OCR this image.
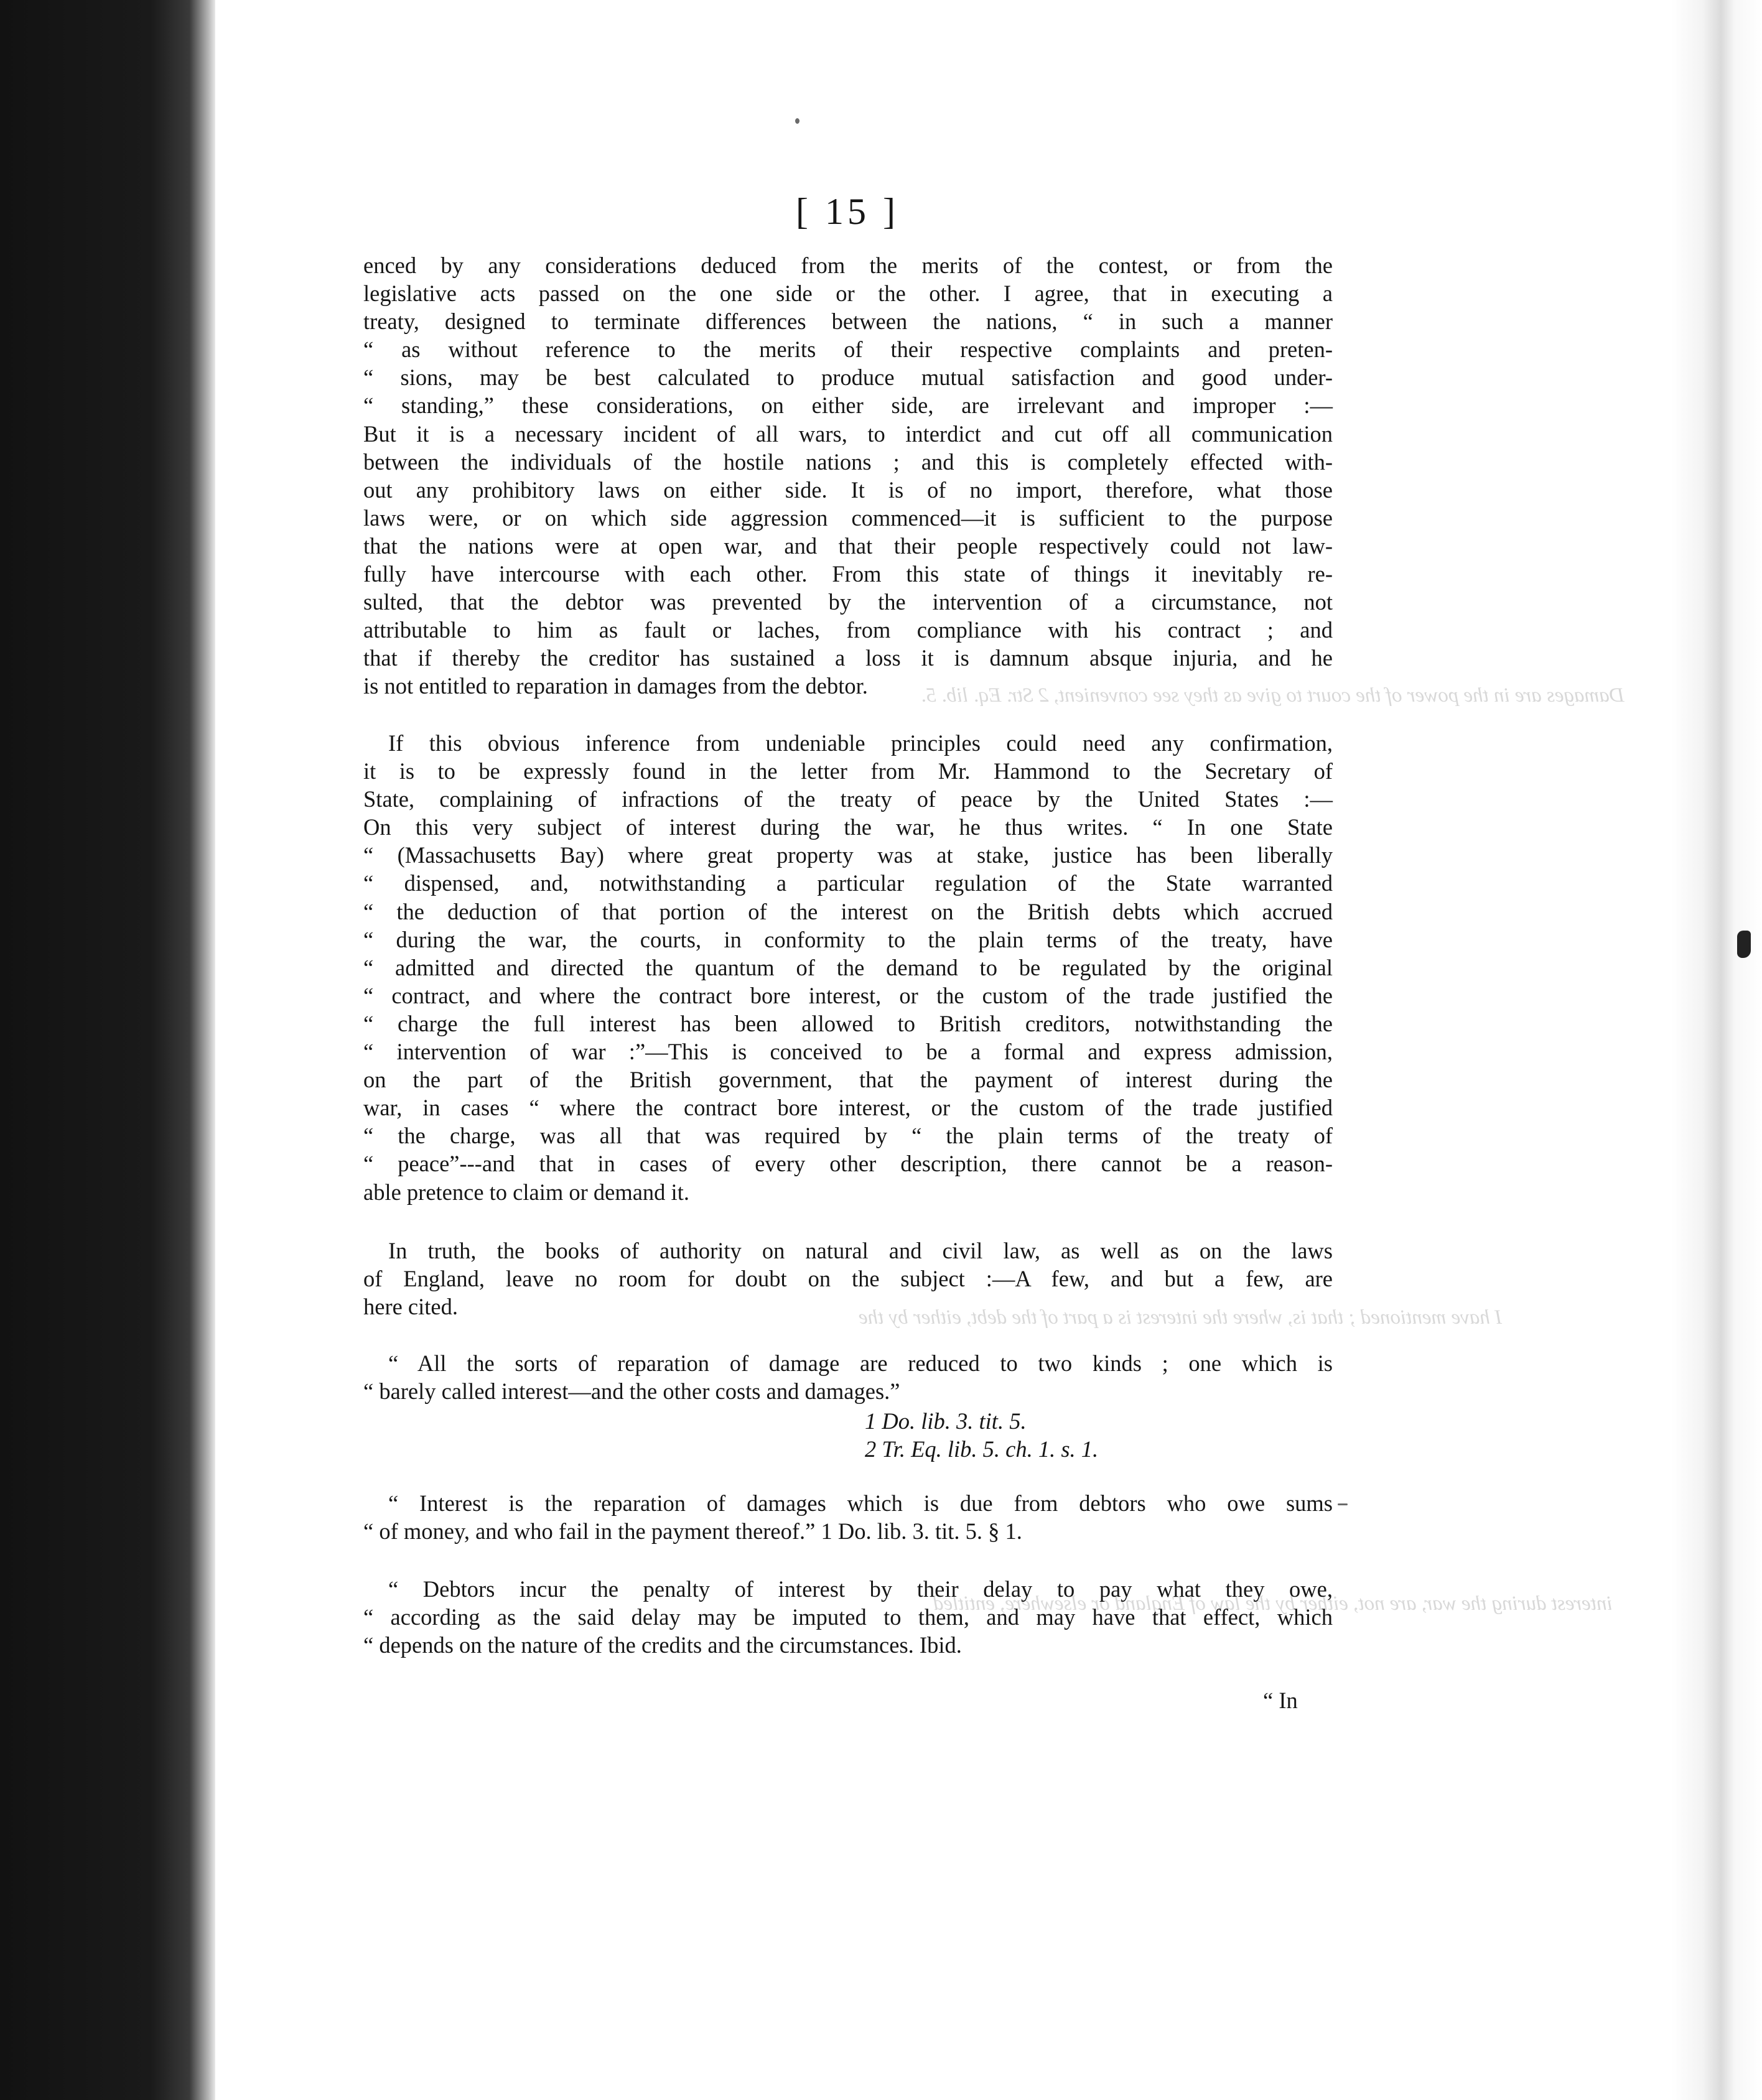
Damages are in the power of the court to give as they see convenient, 2 Str. Eq. lib. 5.
I have mentioned ; that is, where the interest is a part of the debt, either by the
interest during the war, are not, either by the law of England or elsewhere, entitled
[ 15 ]
enced by any considerations deduced from the merits of the contest, or from the
legislative acts passed on the one side or the other. I agree, that in executing a
treaty, designed to terminate differences between the nations, “ in such a manner
“ as without reference to the merits of their respective complaints and preten-
“ sions, may be best calculated to produce mutual satisfaction and good under-
“ standing,” these considerations, on either side, are irrelevant and improper :—
But it is a necessary incident of all wars, to interdict and cut off all communication
between the individuals of the hostile nations ; and this is completely effected with-
out any prohibitory laws on either side. It is of no import, therefore, what those
laws were, or on which side aggression commenced—it is sufficient to the purpose
that the nations were at open war, and that their people respectively could not law-
fully have intercourse with each other. From this state of things it inevitably re-
sulted, that the debtor was prevented by the intervention of a circumstance, not
attributable to him as fault or laches, from compliance with his contract ; and
that if thereby the creditor has sustained a loss it is damnum absque injuria, and he
is not entitled to reparation in damages from the debtor.
If this obvious inference from undeniable principles could need any confirmation,
it is to be expressly found in the letter from Mr. Hammond to the Secretary of
State, complaining of infractions of the treaty of peace by the United States :—
On this very subject of interest during the war, he thus writes. “ In one State
“ (Massachusetts Bay) where great property was at stake, justice has been liberally
“ dispensed, and, notwithstanding a particular regulation of the State warranted
“ the deduction of that portion of the interest on the British debts which accrued
“ during the war, the courts, in conformity to the plain terms of the treaty, have
“ admitted and directed the quantum of the demand to be regulated by the original
“ contract, and where the contract bore interest, or the custom of the trade justified the
“ charge the full interest has been allowed to British creditors, notwithstanding the
“ intervention of war :”—This is conceived to be a formal and express admission,
on the part of the British government, that the payment of interest during the
war, in cases “ where the contract bore interest, or the custom of the trade justified
“ the charge, was all that was required by “ the plain terms of the treaty of
“ peace”---and that in cases of every other description, there cannot be a reason-
able pretence to claim or demand it.
In truth, the books of authority on natural and civil law, as well as on the laws
of England, leave no room for doubt on the subject :—A few, and but a few, are
here cited.
“ All the sorts of reparation of damage are reduced to two kinds ; one which is
“ barely called interest—and the other costs and damages.”
1 Do. lib. 3. tit. 5.
2 Tr. Eq. lib. 5. ch. 1. s. 1.
“ Interest is the reparation of damages which is due from debtors who owe sums
“ of money, and who fail in the payment thereof.” 1 Do. lib. 3. tit. 5. § 1.
“ Debtors incur the penalty of interest by their delay to pay what they owe,
“ according as the said delay may be imputed to them, and may have that effect, which
“ depends on the nature of the credits and the circumstances. Ibid.
“ In
